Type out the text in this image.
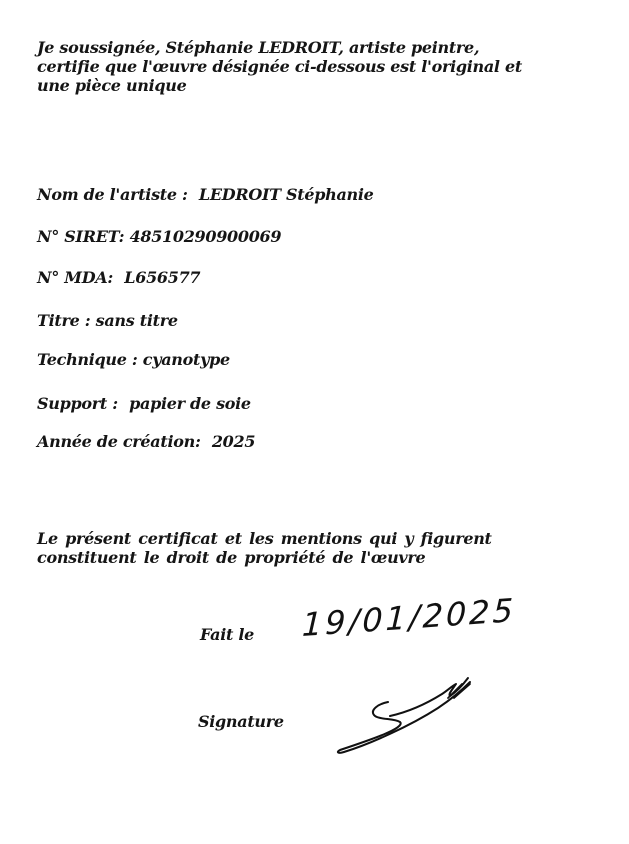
Je soussignée, Stéphanie LEDROIT, artiste peintre,
certifie que l'œuvre désignée ci-dessous est l'original et
une pièce unique
Nom de l'artiste : LEDROIT Stéphanie
N° SIRET: 48510290900069
N° MDA: L656577
Titre : sans titre
Technique : cyanotype
Support : papier de soie
Année de création: 2025
Le présent certificat et les mentions qui y figurent
constituent le droit de propriété de l'œuvre
Fait le 19/01/2025
Signature
